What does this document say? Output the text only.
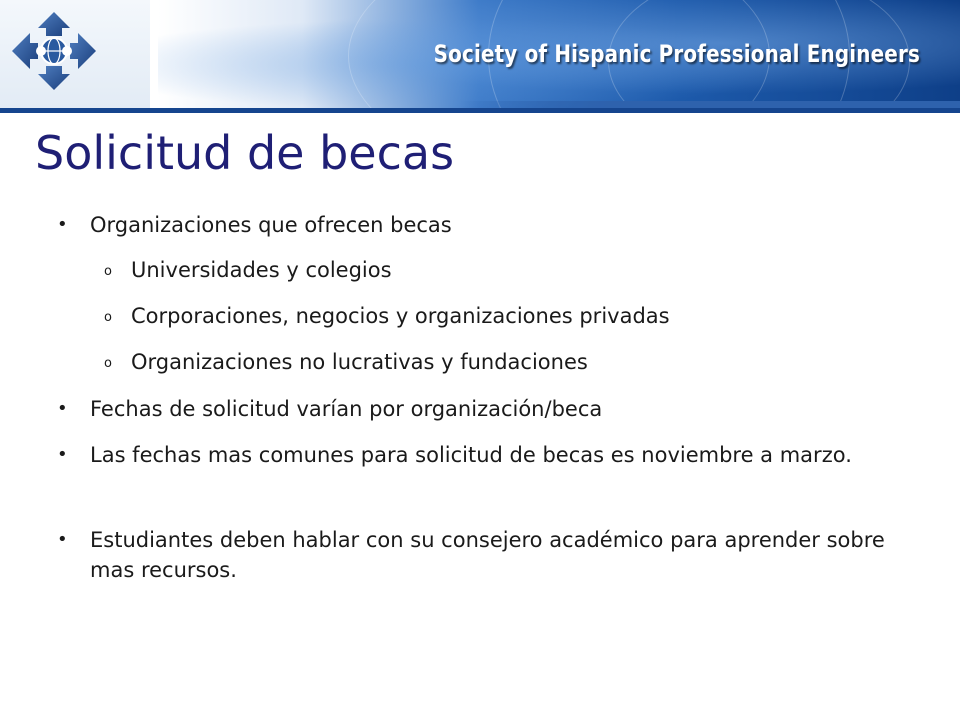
Society of Hispanic Professional Engineers
Solicitud de becas
• Organizaciones que ofrecen becas
o Universidades y colegios
o Corporaciones, negocios y organizaciones privadas
o Organizaciones no lucrativas y fundaciones
• Fechas de solicitud varían por organización/beca
• Las fechas mas comunes para solicitud de becas es noviembre a marzo.
• Estudiantes deben hablar con su consejero académico para aprender sobre mas recursos.
